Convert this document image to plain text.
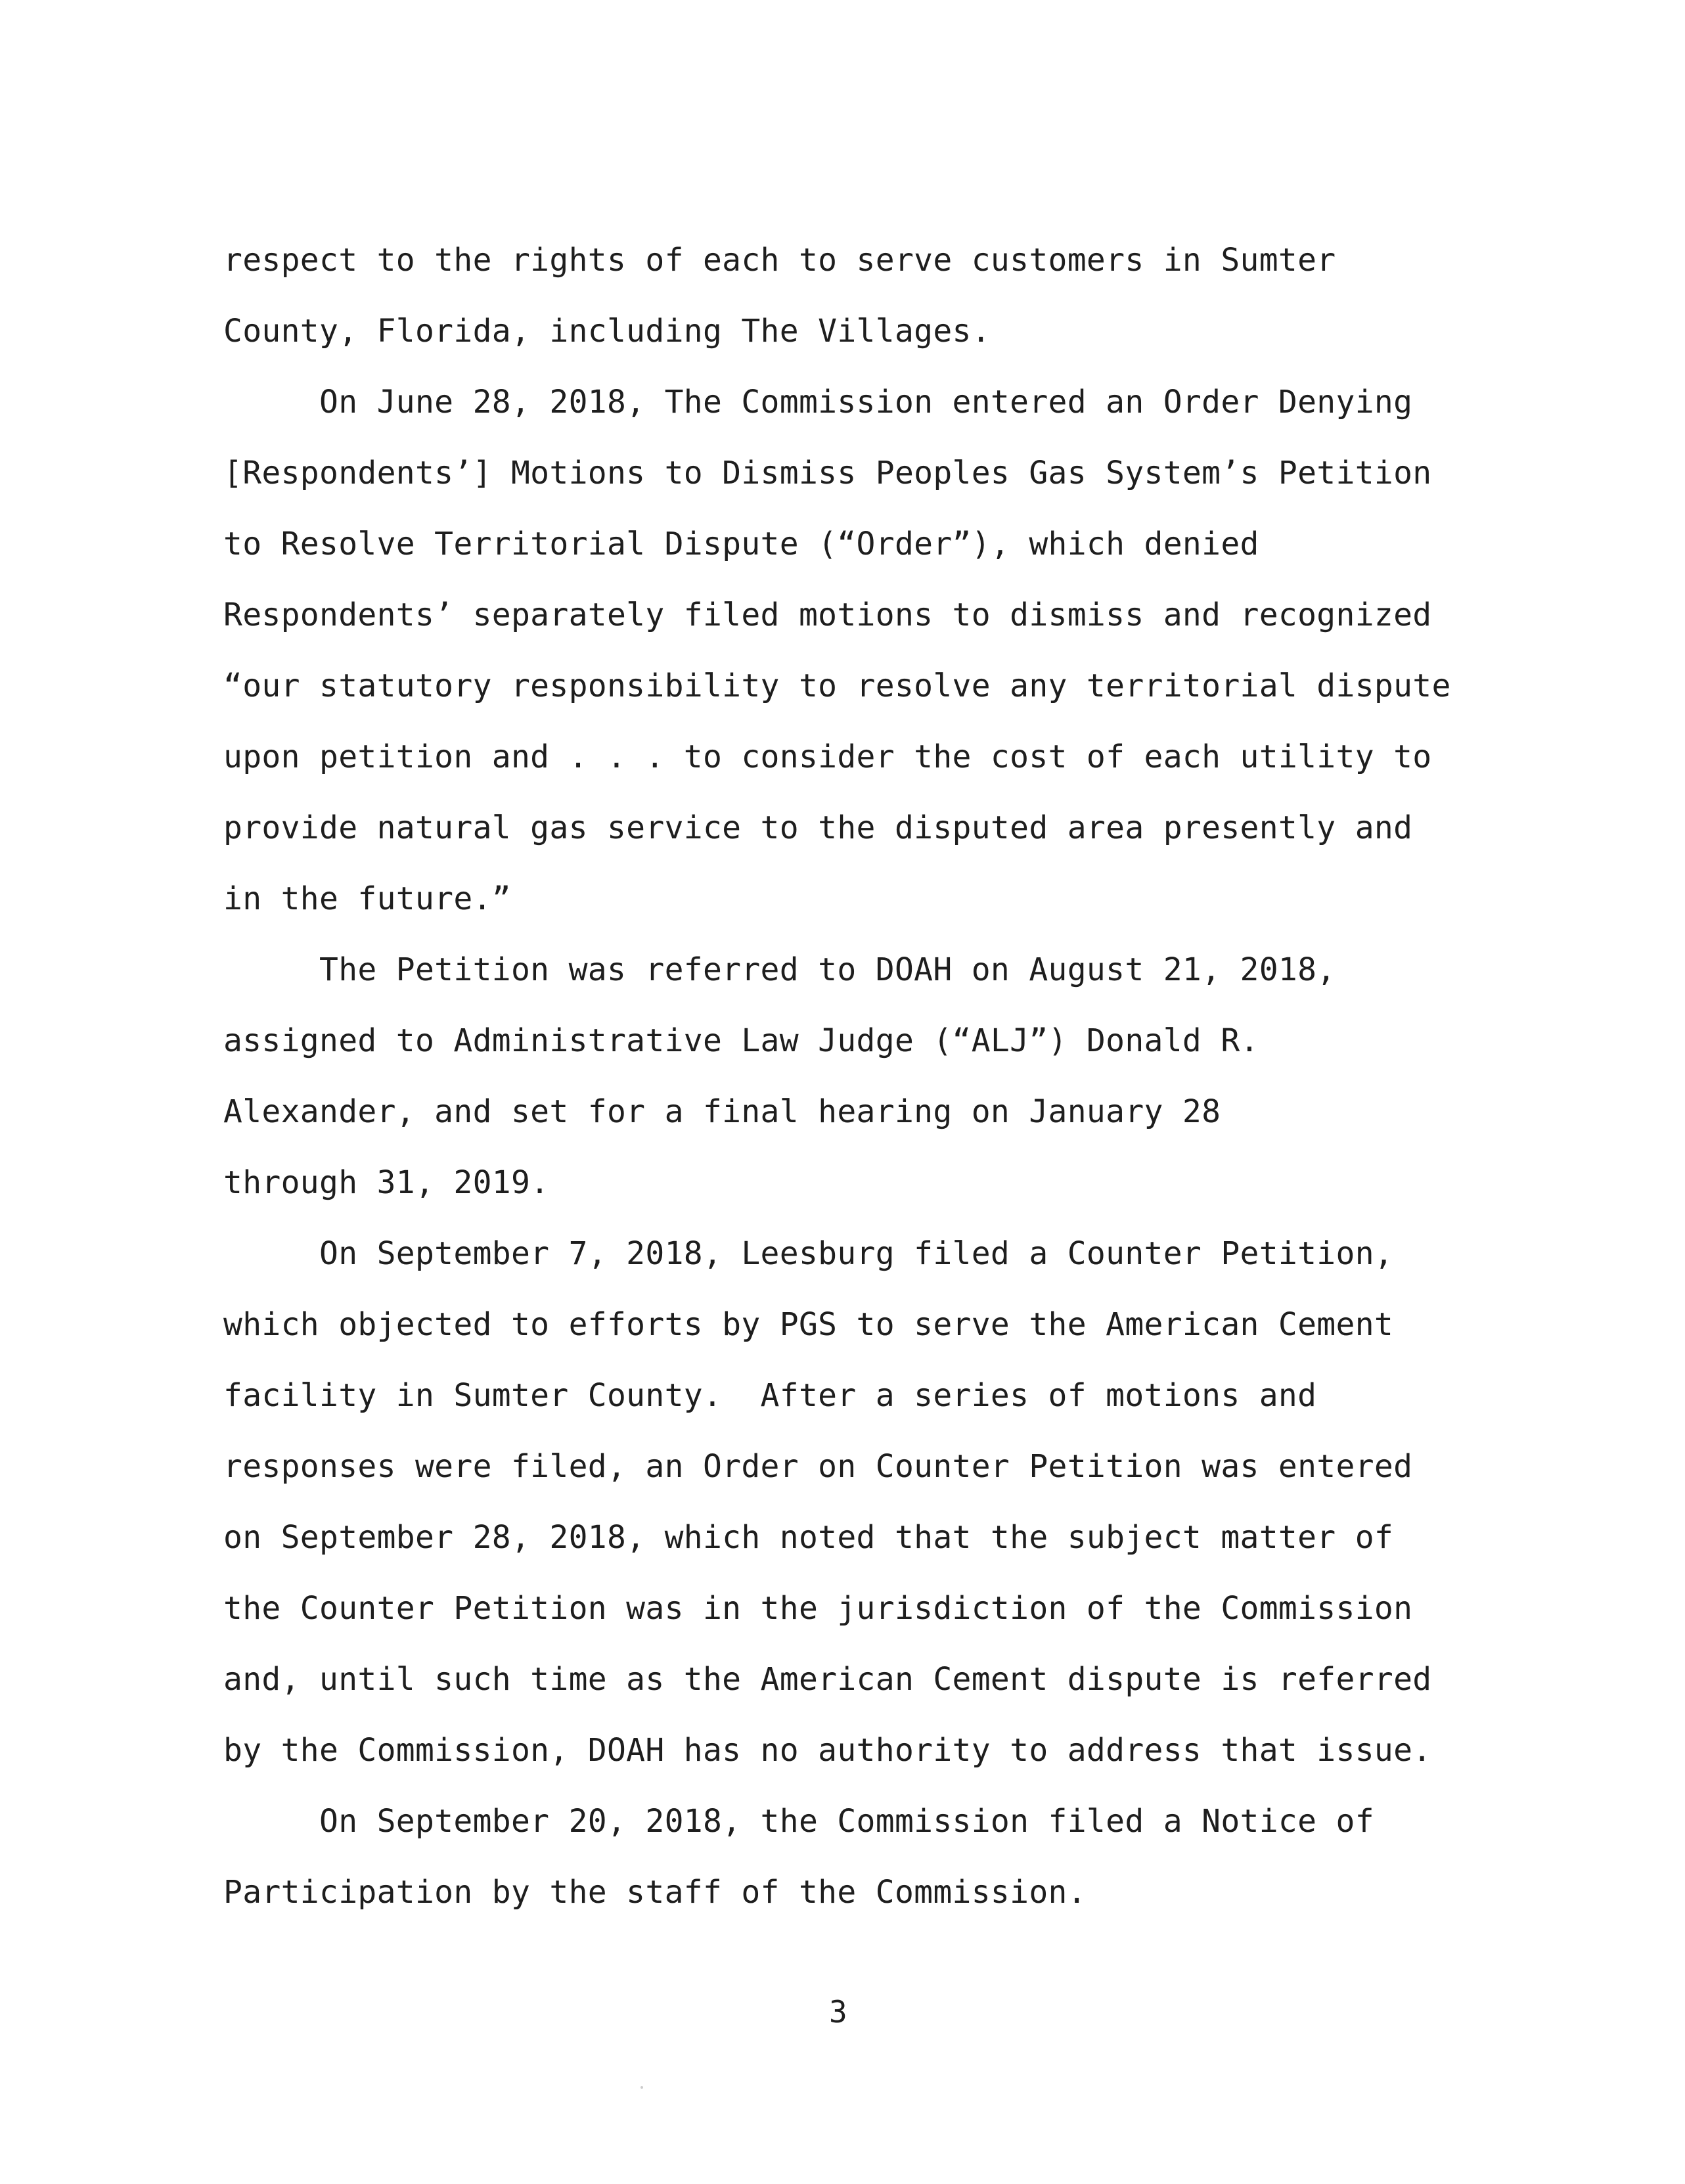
respect to the rights of each to serve customers in Sumter
County, Florida, including The Villages.
On June 28, 2018, The Commission entered an Order Denying
[Respondents’] Motions to Dismiss Peoples Gas System’s Petition
to Resolve Territorial Dispute (“Order”), which denied
Respondents’ separately filed motions to dismiss and recognized
“our statutory responsibility to resolve any territorial dispute
upon petition and . . . to consider the cost of each utility to
provide natural gas service to the disputed area presently and
in the future.”
The Petition was referred to DOAH on August 21, 2018,
assigned to Administrative Law Judge (“ALJ”) Donald R.
Alexander, and set for a final hearing on January 28
through 31, 2019.
On September 7, 2018, Leesburg filed a Counter Petition,
which objected to efforts by PGS to serve the American Cement
facility in Sumter County.  After a series of motions and
responses were filed, an Order on Counter Petition was entered
on September 28, 2018, which noted that the subject matter of
the Counter Petition was in the jurisdiction of the Commission
and, until such time as the American Cement dispute is referred
by the Commission, DOAH has no authority to address that issue.
On September 20, 2018, the Commission filed a Notice of
Participation by the staff of the Commission.
3
